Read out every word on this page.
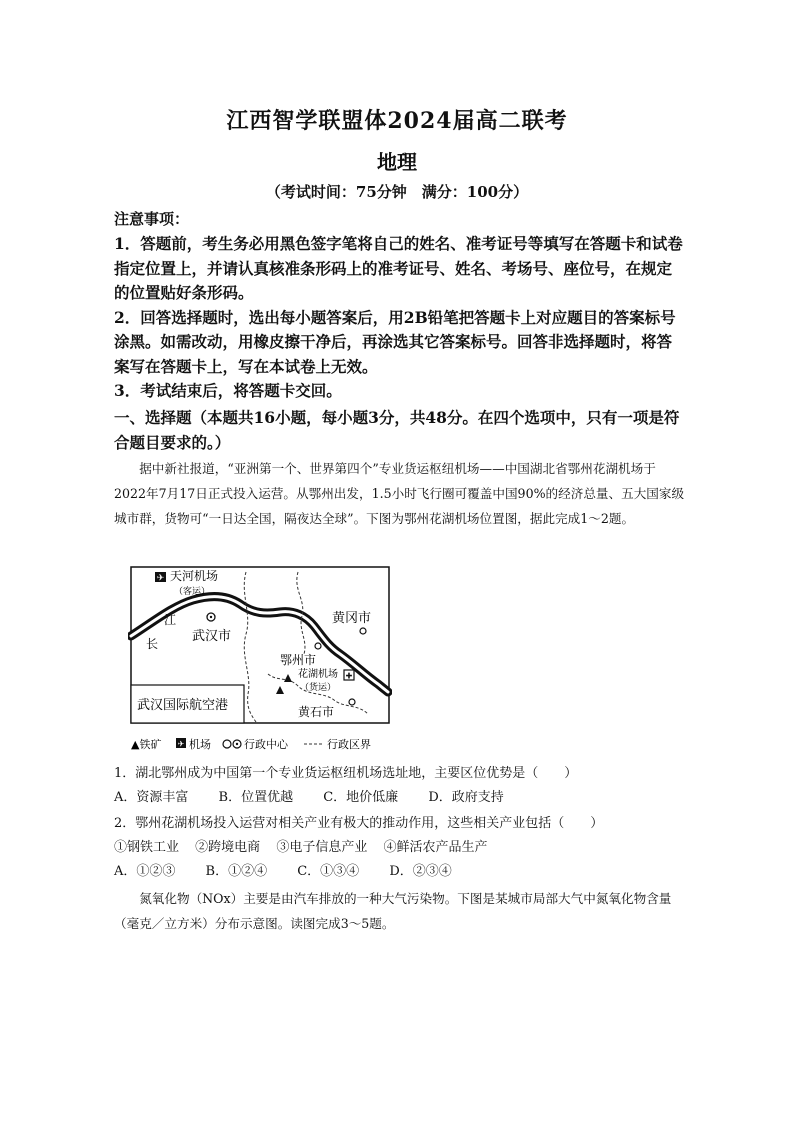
江西智学联盟体2024届高二联考
地理
（考试时间：75分钟　满分：100分）
注意事项：

1．答题前，考生务必用黑色签字笔将自己的姓名、准考证号等填写在答题卡和试卷指定位置上，并请认真核准条形码上的准考证号、姓名、考场号、座位号，在规定的位置贴好条形码。

2．回答选择题时，选出每小题答案后，用2B铅笔把答题卡上对应题目的答案标号涂黑。如需改动，用橡皮擦干净后，再涂选其它答案标号。回答非选择题时，将答案写在答题卡上，写在本试卷上无效。

3．考试结束后，将答题卡交回。

一、选择题（本题共16小题，每小题3分，共48分。在四个选项中，只有一项是符合题目要求的。）

据中新社报道，“亚洲第一个、世界第四个”专业货运枢纽机场——中国湖北省鄂州花湖机场于2022年7月17日正式投入运营。从鄂州出发，1.5小时飞行圈可覆盖中国90%的经济总量、五大国家级城市群，货物可“一日达全国，隔夜达全球”。下图为鄂州花湖机场位置图，据此完成1～2题。

✈
✚
天河机场
（客运）
江
长	武汉市
黄冈市
鄂州市
花湖机场
（货运）
黄石市
武汉国际航空港
▲铁矿 ✈ 机场	行政中心	行政区界

1．湖北鄂州成为中国第一个专业货运枢纽机场选址地，主要区位优势是（　　）

A．资源丰富 B．位置优越 C．地价低廉 D．政府支持

2．鄂州花湖机场投入运营对相关产业有极大的推动作用，这些相关产业包括（　　）

①钢铁工业 ②跨境电商 ③电子信息产业 ④鲜活农产品生产

A．①②③ B．①②④ C．①③④ D．②③④

氮氧化物（NOx）主要是由汽车排放的一种大气污染物。下图是某城市局部大气中氮氧化物含量（毫克／立方米）分布示意图。读图完成3～5题。
